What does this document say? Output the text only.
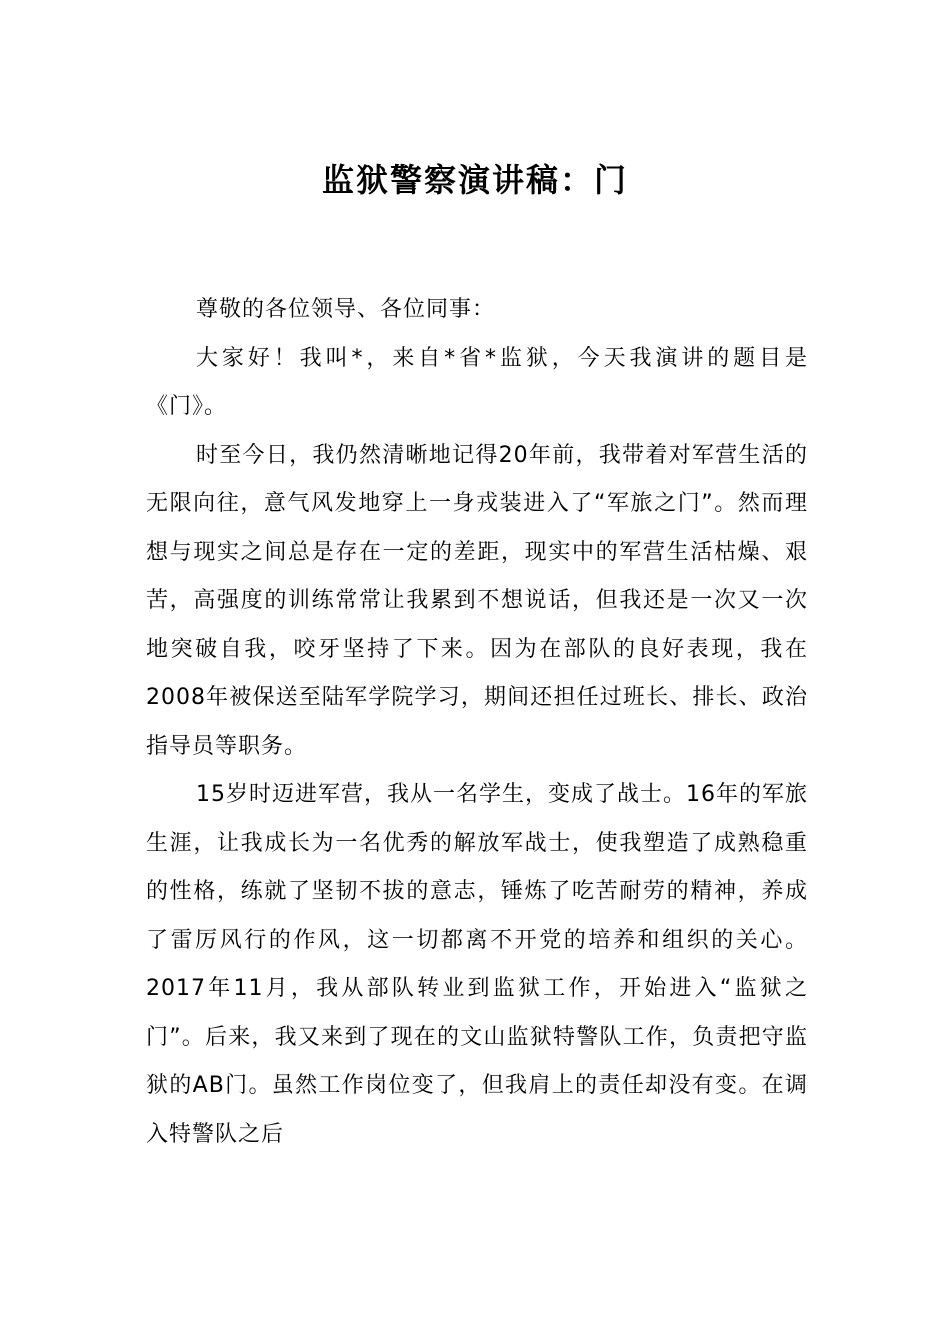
监狱警察演讲稿：门

尊敬的各位领导、各位同事：

大家好！我叫*，来自*省*监狱，今天我演讲的题目是《门》。

时至今日，我仍然清晰地记得20年前，我带着对军营生活的无限向往，意气风发地穿上一身戎装进入了“军旅之门”。然而理想与现实之间总是存在一定的差距，现实中的军营生活枯燥、艰苦，高强度的训练常常让我累到不想说话，但我还是一次又一次地突破自我，咬牙坚持了下来。因为在部队的良好表现，我在2008年被保送至陆军学院学习，期间还担任过班长、排长、政治指导员等职务。

15岁时迈进军营，我从一名学生，变成了战士。16年的军旅生涯，让我成长为一名优秀的解放军战士，使我塑造了成熟稳重的性格，练就了坚韧不拔的意志，锤炼了吃苦耐劳的精神，养成了雷厉风行的作风，这一切都离不开党的培养和组织的关心。2017年11月，我从部队转业到监狱工作，开始进入“监狱之门”。后来，我又来到了现在的文山监狱特警队工作，负责把守监狱的AB门。虽然工作岗位变了，但我肩上的责任却没有变。在调入特警队之后
